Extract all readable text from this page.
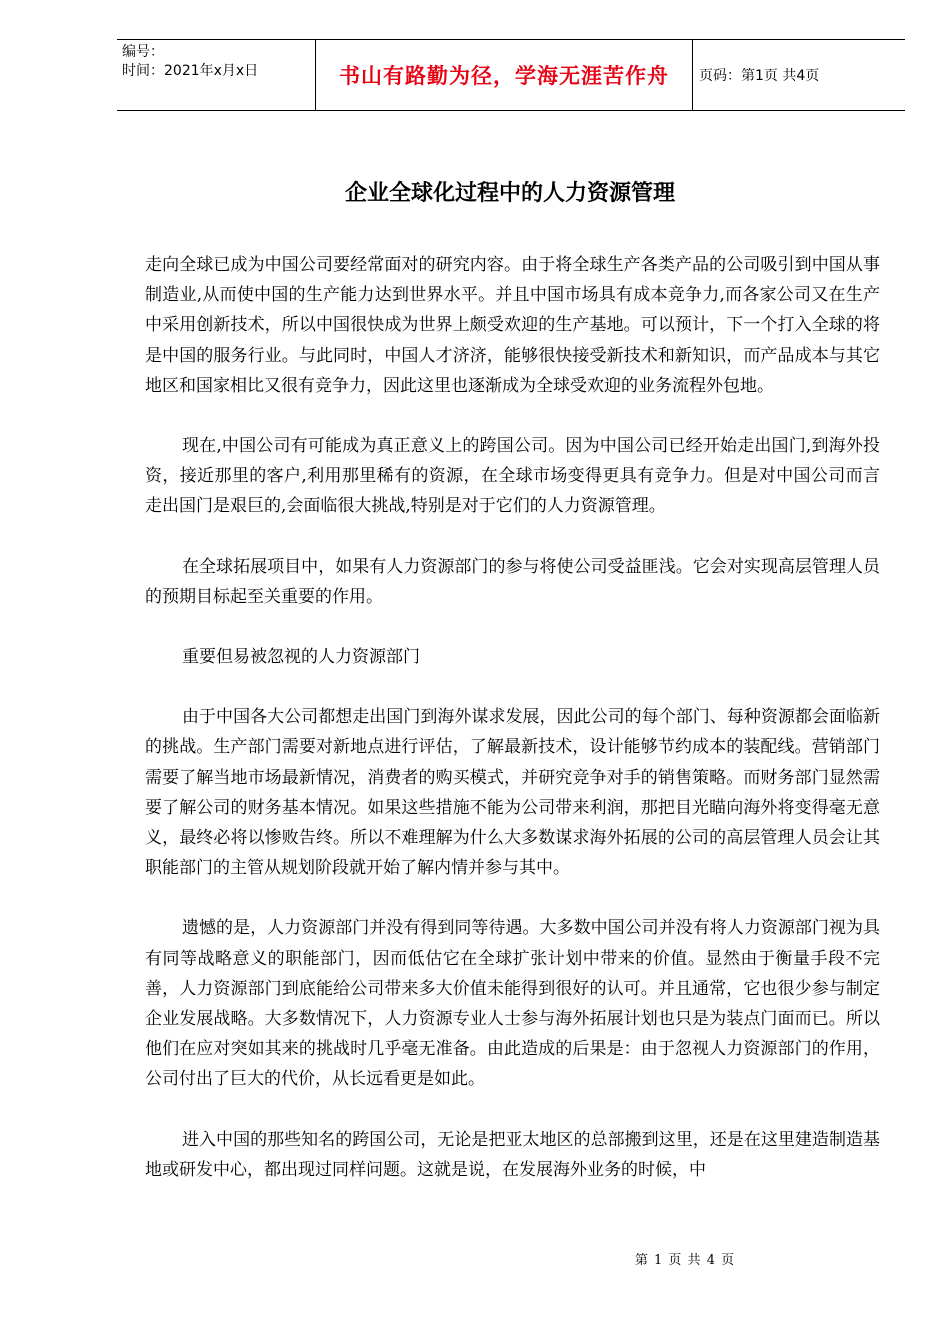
编号：
时间：2021年x月x日	书山有路勤为径，学海无涯苦作舟	页码：第1页 共4页
企业全球化过程中的人力资源管理

走向全球已成为中国公司要经常面对的研究内容。由于将全球生产各类产品的公司吸引到中国从事制造业,从而使中国的生产能力达到世界水平。并且中国市场具有成本竞争力,而各家公司又在生产中采用创新技术，所以中国很快成为世界上颇受欢迎的生产基地。可以预计，下一个打入全球的将是中国的服务行业。与此同时，中国人才济济，能够很快接受新技术和新知识，而产品成本与其它地区和国家相比又很有竞争力，因此这里也逐渐成为全球受欢迎的业务流程外包地。

现在,中国公司有可能成为真正意义上的跨国公司。因为中国公司已经开始走出国门,到海外投资，接近那里的客户,利用那里稀有的资源，在全球市场变得更具有竞争力。但是对中国公司而言走出国门是艰巨的,会面临很大挑战,特别是对于它们的人力资源管理。

在全球拓展项目中，如果有人力资源部门的参与将使公司受益匪浅。它会对实现高层管理人员的预期目标起至关重要的作用。

重要但易被忽视的人力资源部门

由于中国各大公司都想走出国门到海外谋求发展，因此公司的每个部门、每种资源都会面临新的挑战。生产部门需要对新地点进行评估，了解最新技术，设计能够节约成本的装配线。营销部门需要了解当地市场最新情况，消费者的购买模式，并研究竞争对手的销售策略。而财务部门显然需要了解公司的财务基本情况。如果这些措施不能为公司带来利润，那把目光瞄向海外将变得毫无意义，最终必将以惨败告终。所以不难理解为什么大多数谋求海外拓展的公司的高层管理人员会让其职能部门的主管从规划阶段就开始了解内情并参与其中。

遗憾的是，人力资源部门并没有得到同等待遇。大多数中国公司并没有将人力资源部门视为具有同等战略意义的职能部门，因而低估它在全球扩张计划中带来的价值。显然由于衡量手段不完善，人力资源部门到底能给公司带来多大价值未能得到很好的认可。并且通常，它也很少参与制定企业发展战略。大多数情况下，人力资源专业人士参与海外拓展计划也只是为装点门面而已。所以他们在应对突如其来的挑战时几乎毫无准备。由此造成的后果是：由于忽视人力资源部门的作用，公司付出了巨大的代价，从长远看更是如此。

进入中国的那些知名的跨国公司，无论是把亚太地区的总部搬到这里，还是在这里建造制造基地或研发中心，都出现过同样问题。这就是说，在发展海外业务的时候，中

第 1 页 共 4 页
